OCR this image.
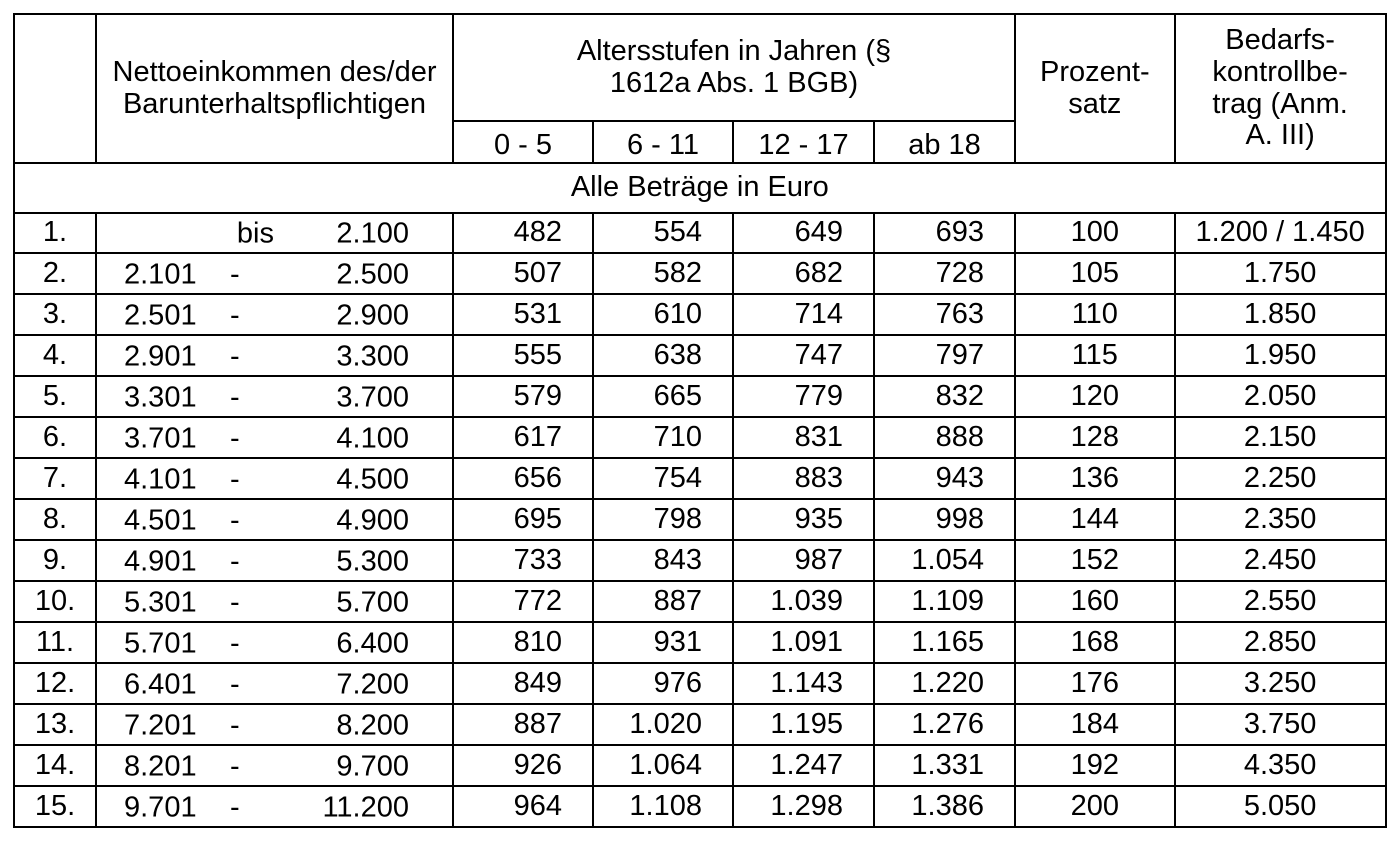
	Nettoeinkommen des/der Barunterhaltspflichtigen	Altersstufen in Jahren (§ 1612a Abs. 1 BGB)				Prozent-satz	Bedarfs-kontrollbe-trag (Anm. A. III)
		0 - 5	6 - 11	12 - 17	ab 18		
Alle Beträge in Euro							
1.	bis 2.100	482	554	649	693	100	1.200 / 1.450
2.	2.101 - 2.500	507	582	682	728	105	1.750
3.	2.501 - 2.900	531	610	714	763	110	1.850
4.	2.901 - 3.300	555	638	747	797	115	1.950
5.	3.301 - 3.700	579	665	779	832	120	2.050
6.	3.701 - 4.100	617	710	831	888	128	2.150
7.	4.101 - 4.500	656	754	883	943	136	2.250
8.	4.501 - 4.900	695	798	935	998	144	2.350
9.	4.901 - 5.300	733	843	987	1.054	152	2.450
10.	5.301 - 5.700	772	887	1.039	1.109	160	2.550
11.	5.701 - 6.400	810	931	1.091	1.165	168	2.850
12.	6.401 - 7.200	849	976	1.143	1.220	176	3.250
13.	7.201 - 8.200	887	1.020	1.195	1.276	184	3.750
14.	8.201 - 9.700	926	1.064	1.247	1.331	192	4.350
15.	9.701 - 11.200	964	1.108	1.298	1.386	200	5.050
